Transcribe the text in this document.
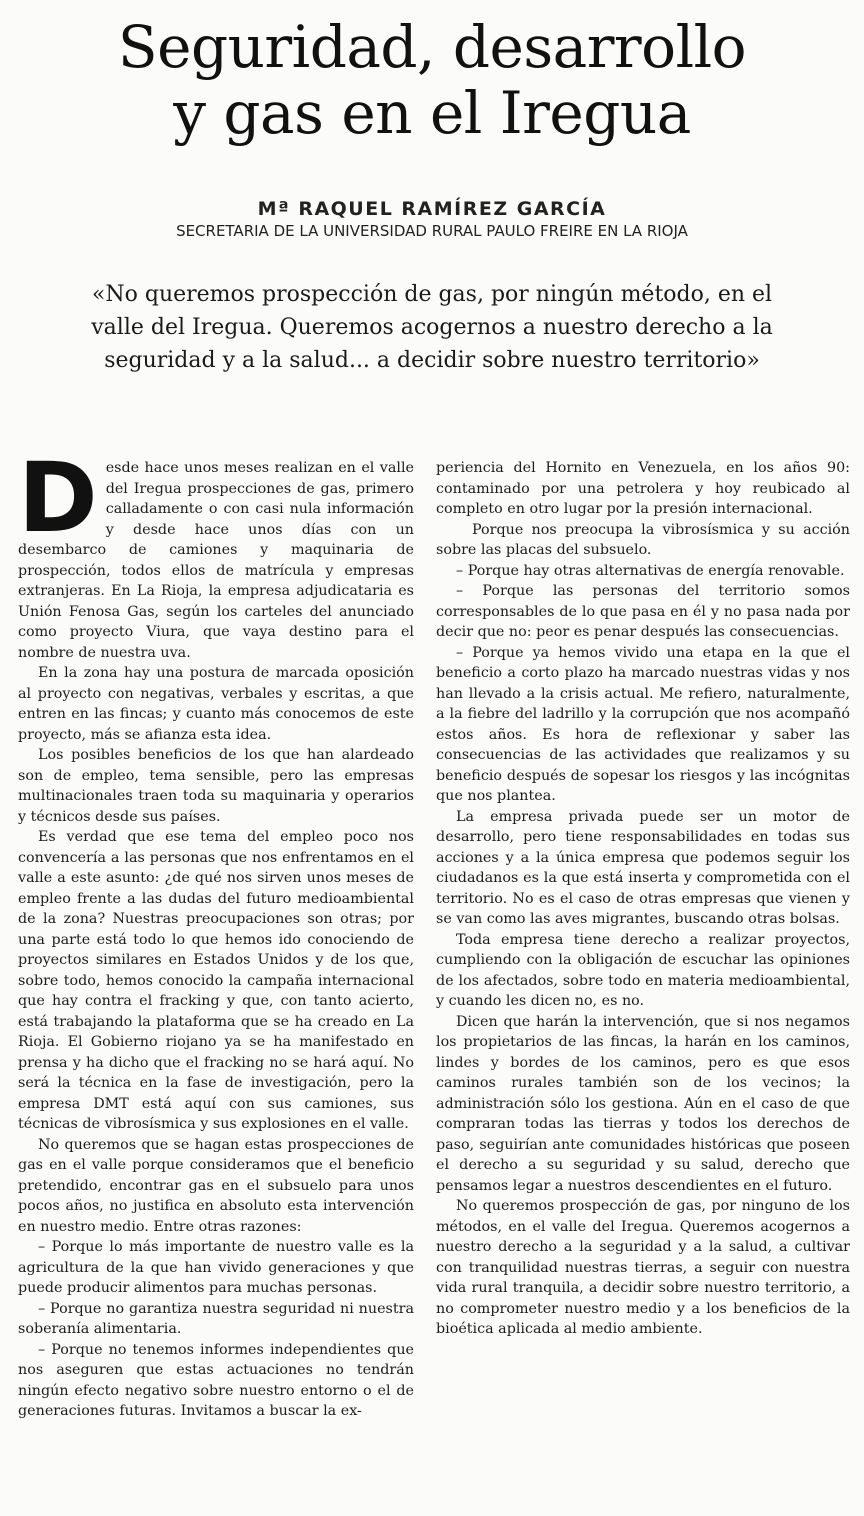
Seguridad, desarrollo
y gas en el Iregua
Mª RAQUEL RAMÍREZ GARCÍA
SECRETARIA DE LA UNIVERSIDAD RURAL PAULO FREIRE EN LA RIOJA
«No queremos prospección de gas, por ningún método, en el
valle del Iregua. Queremos acogernos a nuestro derecho a la
seguridad y a la salud... a decidir sobre nuestro territorio»

Desde hace unos meses realizan en el valle del Iregua prospecciones de gas, primero calladamente o con casi nula información y desde hace unos días con un desembarco de camiones y maquinaria de prospección, todos ellos de matrícula y empresas extranjeras. En La Rioja, la empresa adjudicataria es Unión Fenosa Gas, según los carteles del anunciado como proyecto Viura, que vaya destino para el nombre de nuestra uva.

En la zona hay una postura de marcada oposición al proyecto con negativas, verbales y escritas, a que entren en las fincas; y cuanto más conocemos de este proyecto, más se afianza esta idea.

Los posibles beneficios de los que han alardeado son de empleo, tema sensible, pero las empresas multinacionales traen toda su maquinaria y operarios y técnicos desde sus países.

Es verdad que ese tema del empleo poco nos convencería a las personas que nos enfrentamos en el valle a este asunto: ¿de qué nos sirven unos meses de empleo frente a las dudas del futuro medioambiental de la zona? Nuestras preocupaciones son otras; por una parte está todo lo que hemos ido conociendo de proyectos similares en Estados Unidos y de los que, sobre todo, hemos conocido la campaña internacional que hay contra el fracking y que, con tanto acierto, está trabajando la plataforma que se ha creado en La Rioja. El Gobierno riojano ya se ha manifestado en prensa y ha dicho que el fracking no se hará aquí. No será la técnica en la fase de investigación, pero la empresa DMT está aquí con sus camiones, sus técnicas de vibrosísmica y sus explosiones en el valle.

No queremos que se hagan estas prospecciones de gas en el valle porque consideramos que el beneficio pretendido, encontrar gas en el subsuelo para unos pocos años, no justifica en absoluto esta intervención en nuestro medio. Entre otras razones:

– Porque lo más importante de nuestro valle es la agricultura de la que han vivido generaciones y que puede producir alimentos para muchas personas.

– Porque no garantiza nuestra seguridad ni nuestra soberanía alimentaria.

– Porque no tenemos informes independientes que nos aseguren que estas actuaciones no tendrán ningún efecto negativo sobre nuestro entorno o el de generaciones futuras. Invitamos a buscar la ex-

periencia del Hornito en Venezuela, en los años 90: contaminado por una petrolera y hoy reubicado al completo en otro lugar por la presión internacional.

Porque nos preocupa la vibrosísmica y su acción sobre las placas del subsuelo.

– Porque hay otras alternativas de energía renovable.

– Porque las personas del territorio somos corresponsables de lo que pasa en él y no pasa nada por decir que no: peor es penar después las consecuencias.

– Porque ya hemos vivido una etapa en la que el beneficio a corto plazo ha marcado nuestras vidas y nos han llevado a la crisis actual. Me refiero, naturalmente, a la fiebre del ladrillo y la corrupción que nos acompañó estos años. Es hora de reflexionar y saber las consecuencias de las actividades que realizamos y su beneficio después de sopesar los riesgos y las incógnitas que nos plantea.

La empresa privada puede ser un motor de desarrollo, pero tiene responsabilidades en todas sus acciones y a la única empresa que podemos seguir los ciudadanos es la que está inserta y comprometida con el territorio. No es el caso de otras empresas que vienen y se van como las aves migrantes, buscando otras bolsas.

Toda empresa tiene derecho a realizar proyectos, cumpliendo con la obligación de escuchar las opiniones de los afectados, sobre todo en materia medioambiental, y cuando les dicen no, es no.

Dicen que harán la intervención, que si nos negamos los propietarios de las fincas, la harán en los caminos, lindes y bordes de los caminos, pero es que esos caminos rurales también son de los vecinos; la administración sólo los gestiona. Aún en el caso de que compraran todas las tierras y todos los derechos de paso, seguirían ante comunidades históricas que poseen el derecho a su seguridad y su salud, derecho que pensamos legar a nuestros descendientes en el futuro.

No queremos prospección de gas, por ninguno de los métodos, en el valle del Iregua. Queremos acogernos a nuestro derecho a la seguridad y a la salud, a cultivar con tranquilidad nuestras tierras, a seguir con nuestra vida rural tranquila, a decidir sobre nuestro territorio, a no comprometer nuestro medio y a los beneficios de la bioética aplicada al medio ambiente.
